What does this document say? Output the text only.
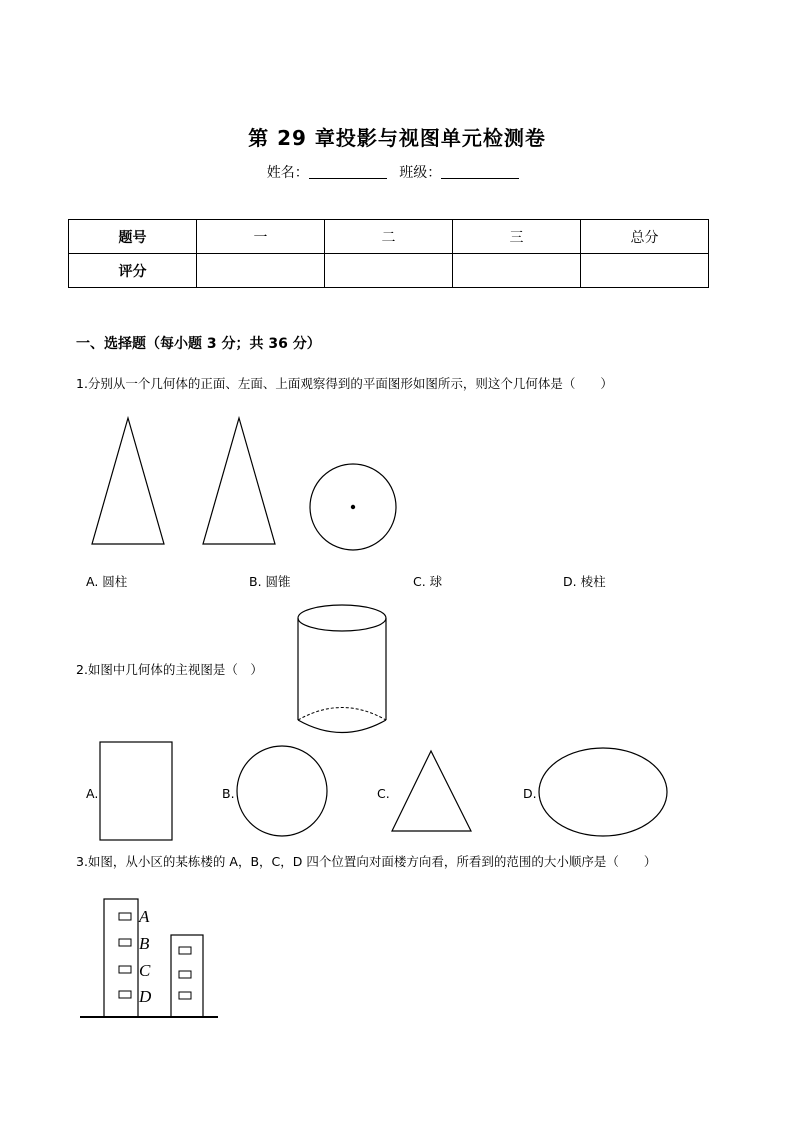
第 29 章投影与视图单元检测卷
姓名：	班级：
题号	一	二	三	总分
评分				
一、选择题（每小题 3 分；共 36 分）
1.分别从一个几何体的正面、左面、上面观察得到的平面图形如图所示，则这个几何体是（　　）
A. 圆柱	B. 圆锥	C. 球	D. 棱柱
2.如图中几何体的主视图是（　）
A.	B.	C.	D.
3.如图，从小区的某栋楼的 A，B，C，D 四个位置向对面楼方向看，所看到的范围的大小顺序是（　　）
A
B
C
D
